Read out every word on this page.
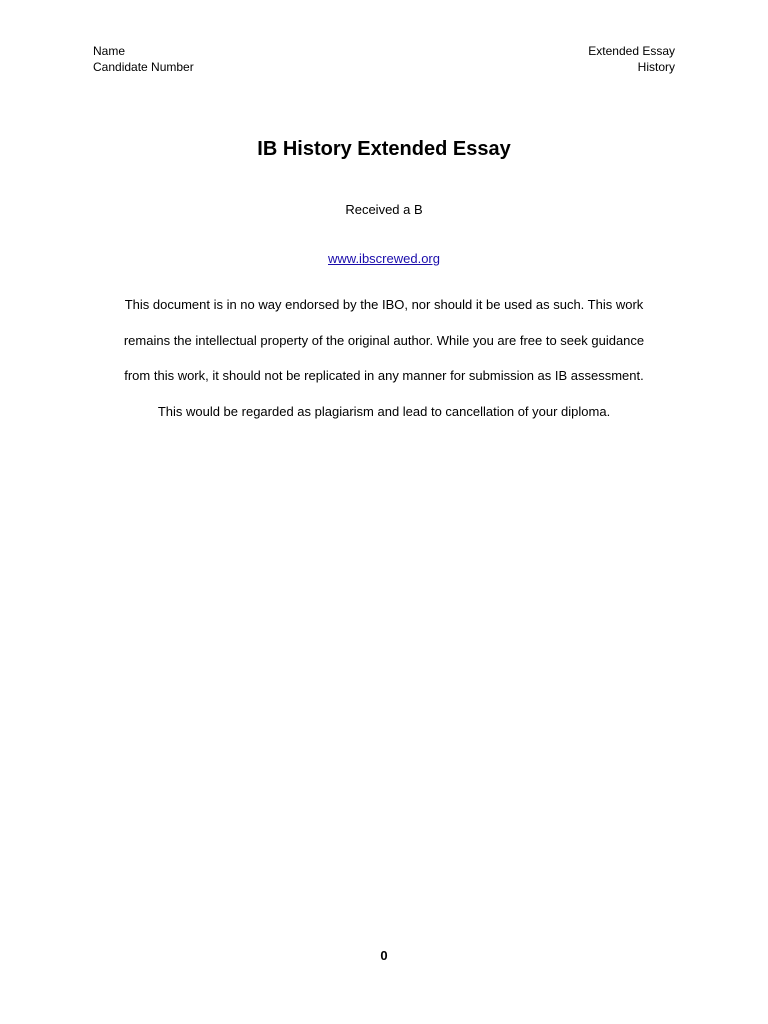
Name
Candidate Number
Extended Essay
History
IB History Extended Essay
Received a B
www.ibscrewed.org
This document is in no way endorsed by the IBO, nor should it be used as such. This work
remains the intellectual property of the original author. While you are free to seek guidance
from this work, it should not be replicated in any manner for submission as IB assessment.
This would be regarded as plagiarism and lead to cancellation of your diploma.
0
